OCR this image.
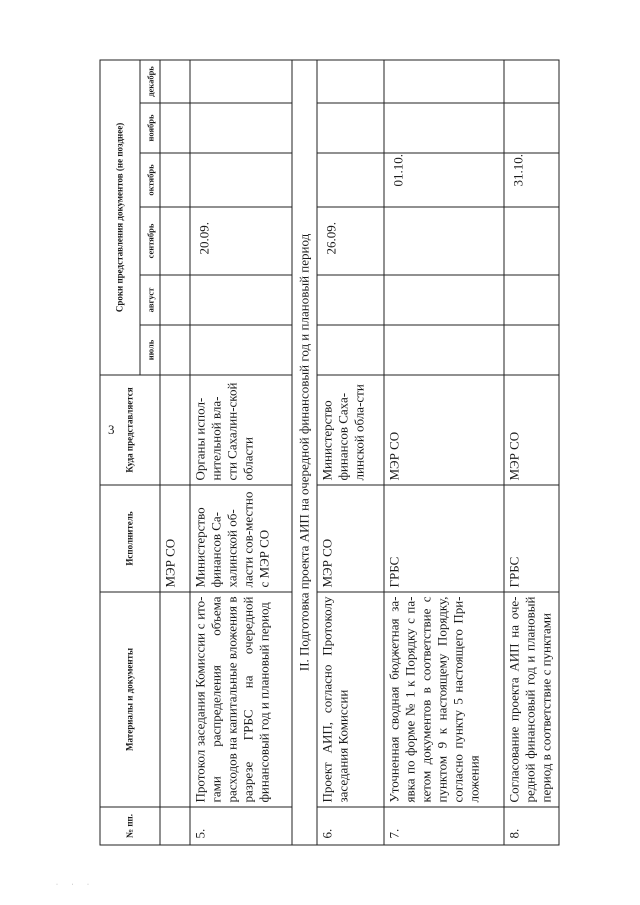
3
№ пп.	Материалы и документы	Исполнитель	Куда представляется	Сроки представления документов (не позднее)					
				июль	август	сентябрь	октябрь	ноябрь	декабрь
		МЭР СО							
5.	Протокол заседания Комиссии с ито-гами распределения объема расходов на капитальные вложения в разрезе ГРБС на очередной финансовый год и плановый период	Министерство финансов Са-халинской об-ласти сов-местно с МЭР СО	Органы испол-нительной вла-сти Сахалин-ской области			20.09.			
II. Подготовка проекта АИП на очередной финансовый год и плановый период									
6.	Проект АИП, согласно Протоколу заседания Комиссии	МЭР СО	Министерство финансов Саха-линской обла-сти			26.09.			
7.	Уточненная сводная бюджетная за-явка по форме № 1 к Порядку с па-кетом документов в соответствие с пунктом 9 к настоящему Порядку, согласно пункту 5 настоящего При-ложения	ГРБС	МЭР СО				01.10.		
8.	Согласование проекта АИП на оче-редной финансовый год и плановый период в соответствие с пунктами	ГРБС	МЭР СО				31.10.		
· · ·
